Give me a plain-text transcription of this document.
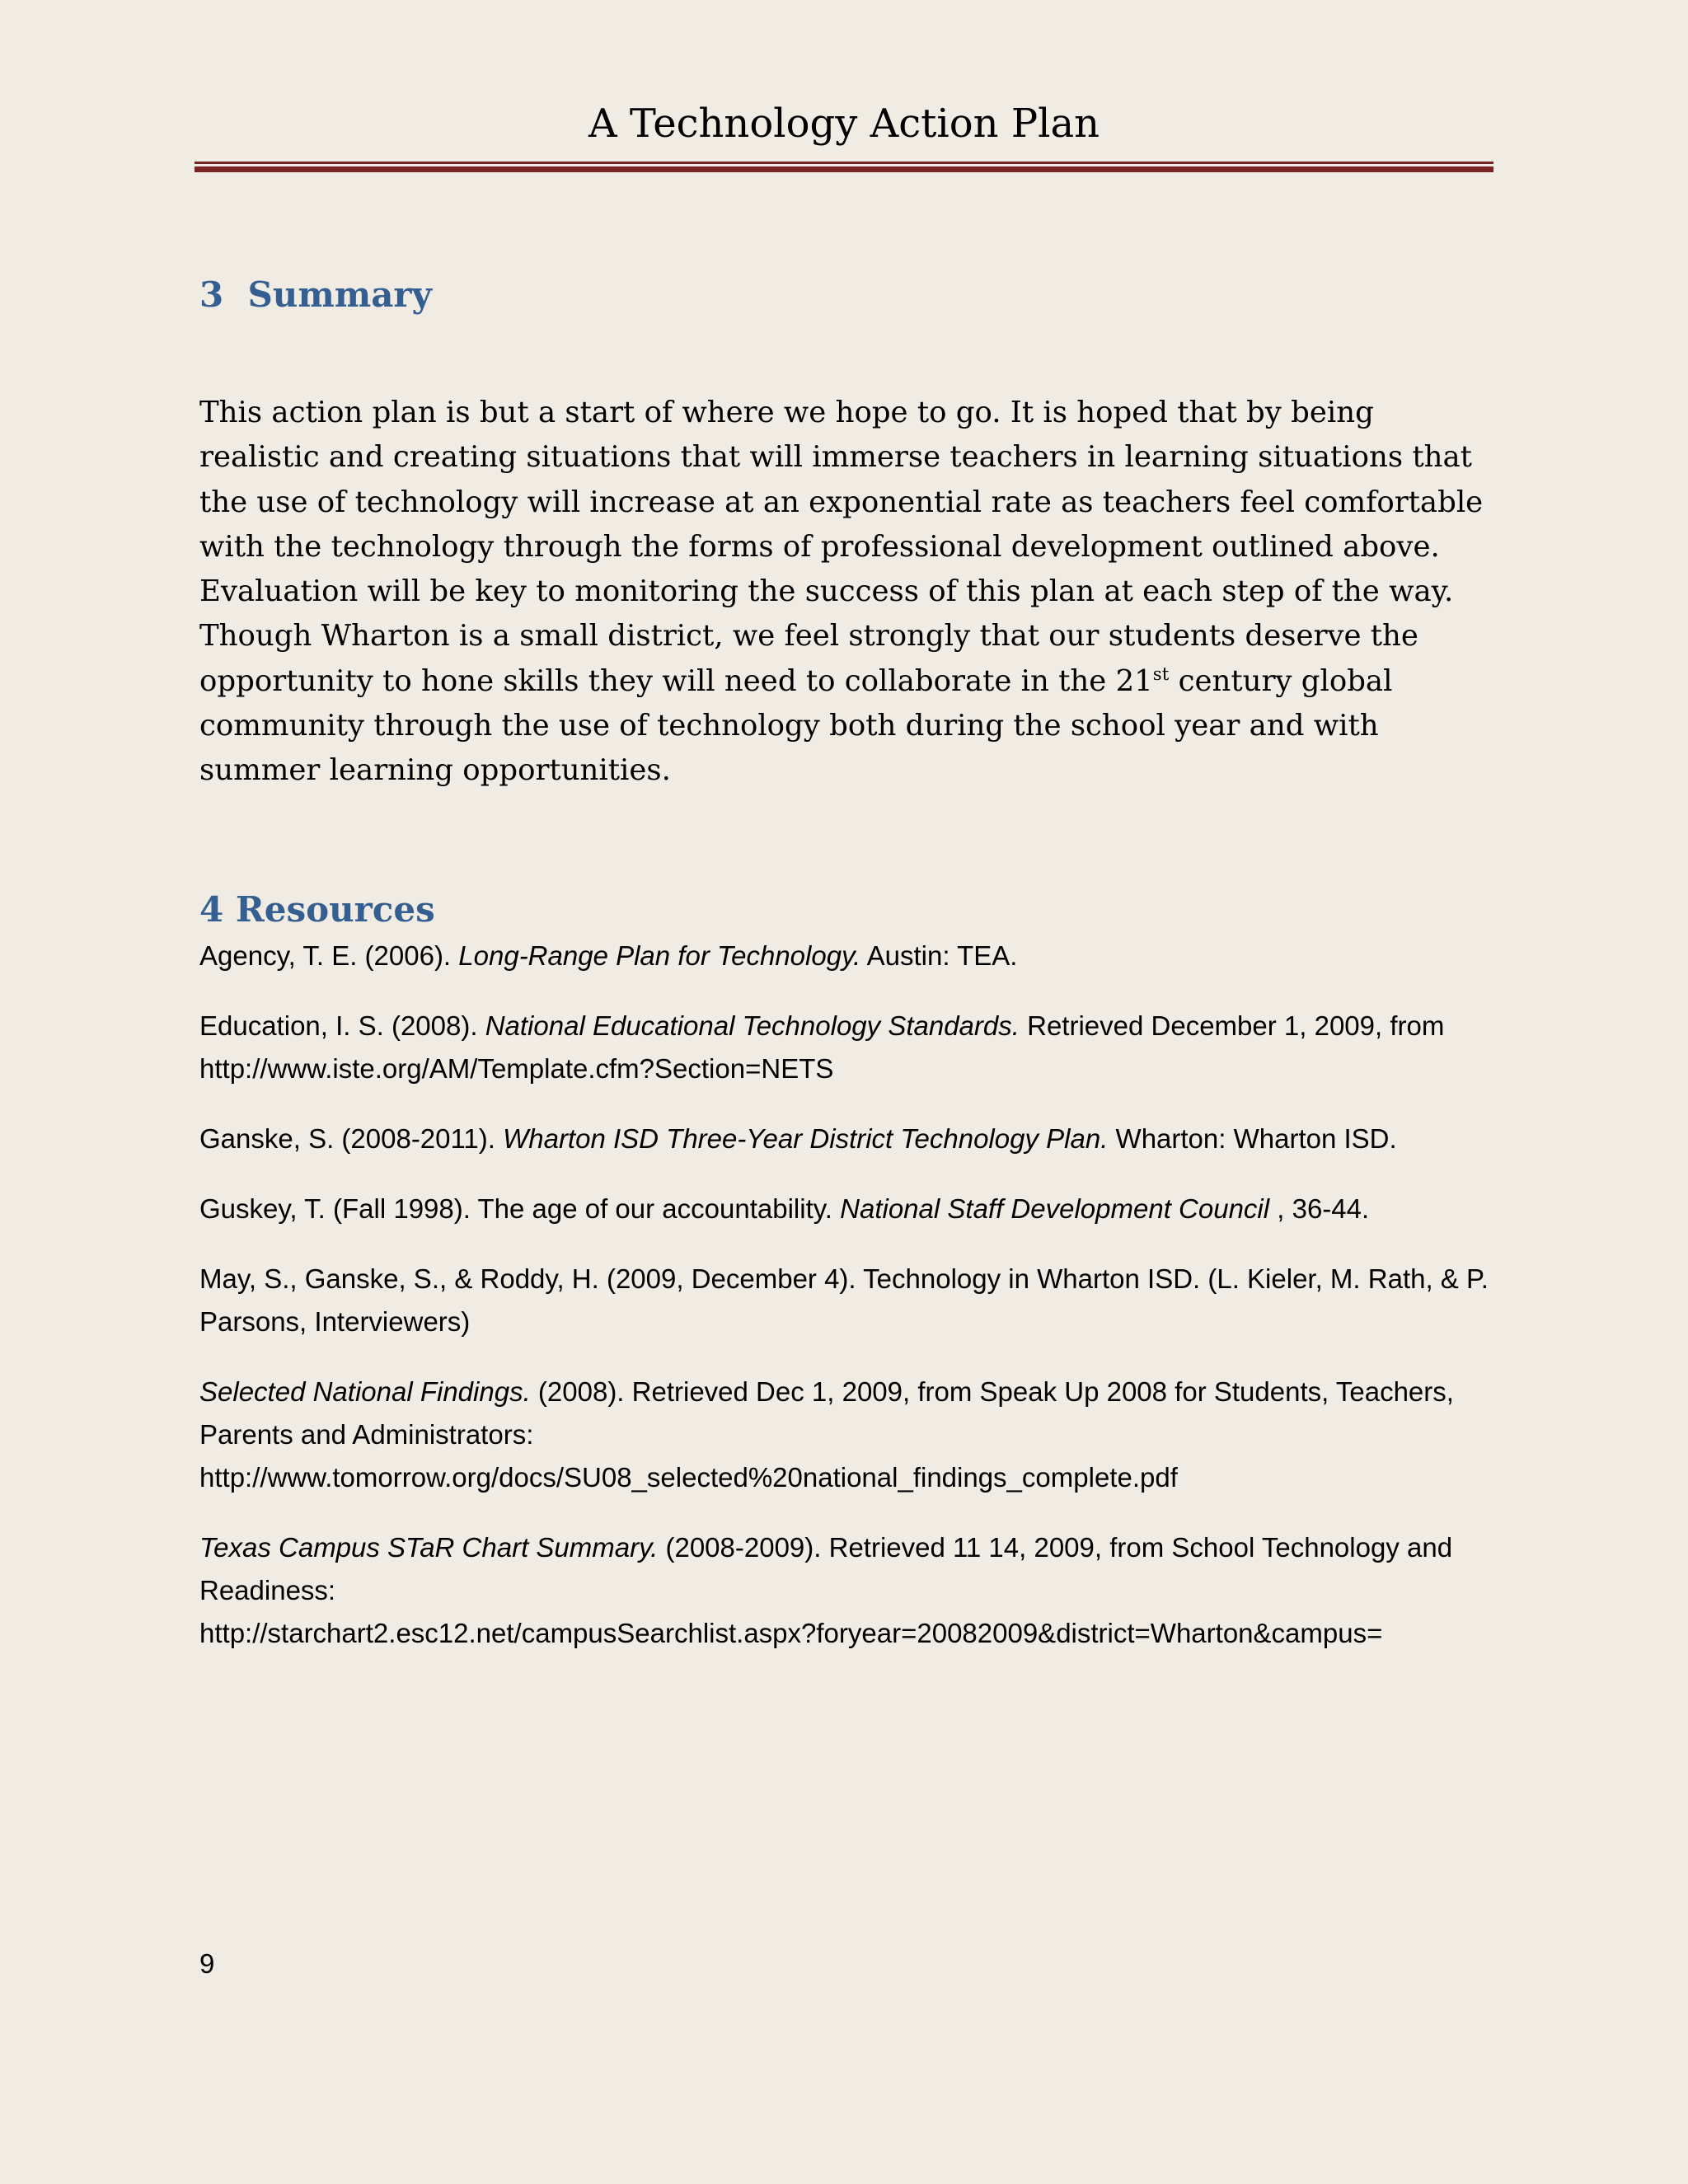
A Technology Action Plan
3  Summary

This action plan is but a start of where we hope to go. It is hoped that by being realistic and creating situations that will immerse teachers in learning situations that the use of technology will increase at an exponential rate as teachers feel comfortable with the technology through the forms of professional development outlined above. Evaluation will be key to monitoring the success of this plan at each step of the way. Though Wharton is a small district, we feel strongly that our students deserve the opportunity to hone skills they will need to collaborate in the 21st century global community through the use of technology both during the school year and with summer learning opportunities.

4 Resources
Agency, T. E. (2006). Long-Range Plan for Technology. Austin: TEA.
Education, I. S. (2008). National Educational Technology Standards. Retrieved December 1, 2009, from
http://www.iste.org/AM/Template.cfm?Section=NETS
Ganske, S. (2008-2011). Wharton ISD Three-Year District Technology Plan. Wharton: Wharton ISD.
Guskey, T. (Fall 1998). The age of our accountability. National Staff Development Council , 36-44.
May, S., Ganske, S., & Roddy, H. (2009, December 4). Technology in Wharton ISD. (L. Kieler, M. Rath, & P. Parsons, Interviewers)
Selected National Findings. (2008). Retrieved Dec 1, 2009, from Speak Up 2008 for Students, Teachers, Parents and Administrators:
http://www.tomorrow.org/docs/SU08_selected%20national_findings_complete.pdf
Texas Campus STaR Chart Summary. (2008-2009). Retrieved 11 14, 2009, from School Technology and Readiness:
http://starchart2.esc12.net/campusSearchlist.aspx?foryear=20082009&district=Wharton&campus=
9
